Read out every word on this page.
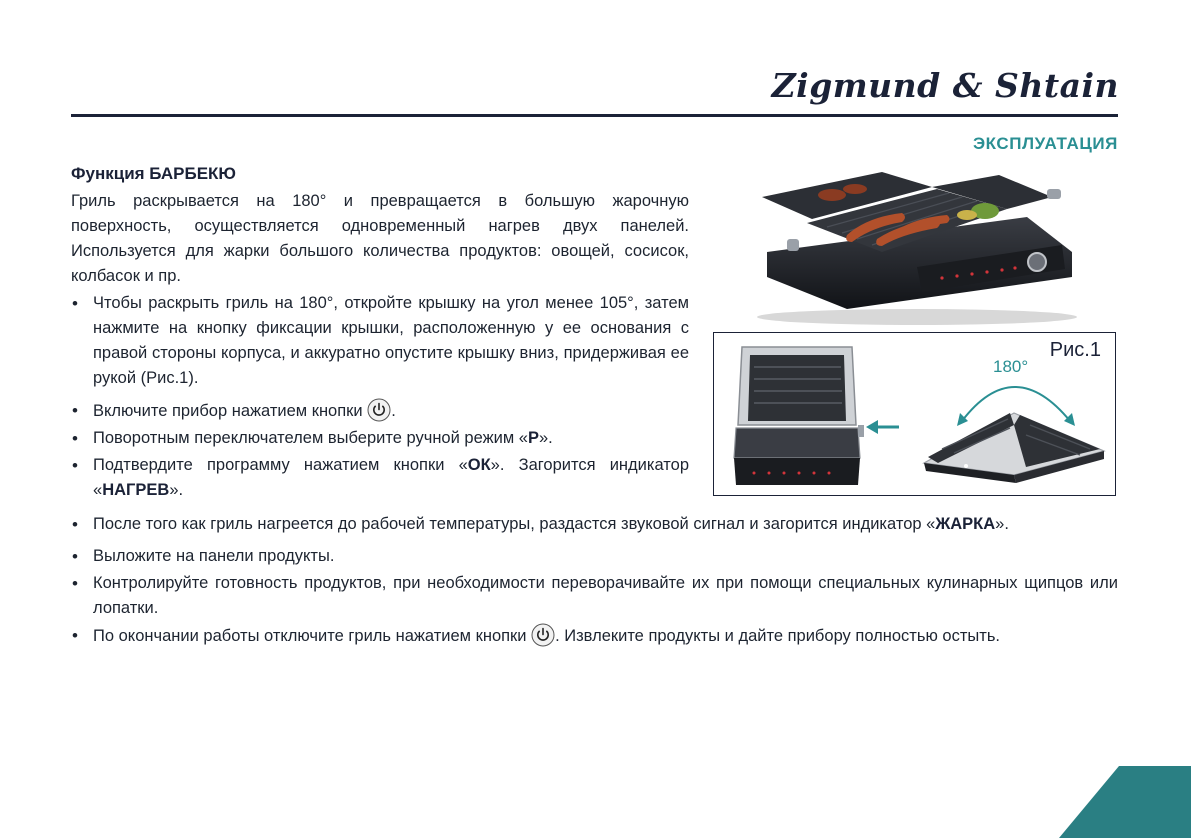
Zigmund & Shtain
ЭКСПЛУАТАЦИЯ
Функция БАРБЕКЮ
Гриль раскрывается на 180° и превращается в большую жарочную поверхность, осуществляется одновременный нагрев двух панелей. Используется для жарки большого количества продуктов: овощей, сосисок, колбасок и пр.
• Чтобы раскрыть гриль на 180°, откройте крышку на угол менее 105°, затем нажмите на кнопку фиксации крышки, расположенную у ее основания с правой стороны корпуса, и аккуратно опустите крышку вниз, придерживая ее рукой (Рис.1).
• Включите прибор нажатием кнопки .
• Поворотным переключателем выберите ручной режим «Р».
• Подтвердите программу нажатием кнопки «ОК». Загорится индикатор «НАГРЕВ».
• После того как гриль нагреется до рабочей температуры, раздастся звуковой сигнал и загорится индикатор «ЖАРКА».
• Выложите на панели продукты.
• Контролируйте готовность продуктов, при необходимости переворачивайте их при помощи специальных кулинарных щипцов или лопатки.
• По окончании работы отключите гриль нажатием кнопки . Извлеките продукты и дайте прибору полностью остыть.
Рис.1
180°
